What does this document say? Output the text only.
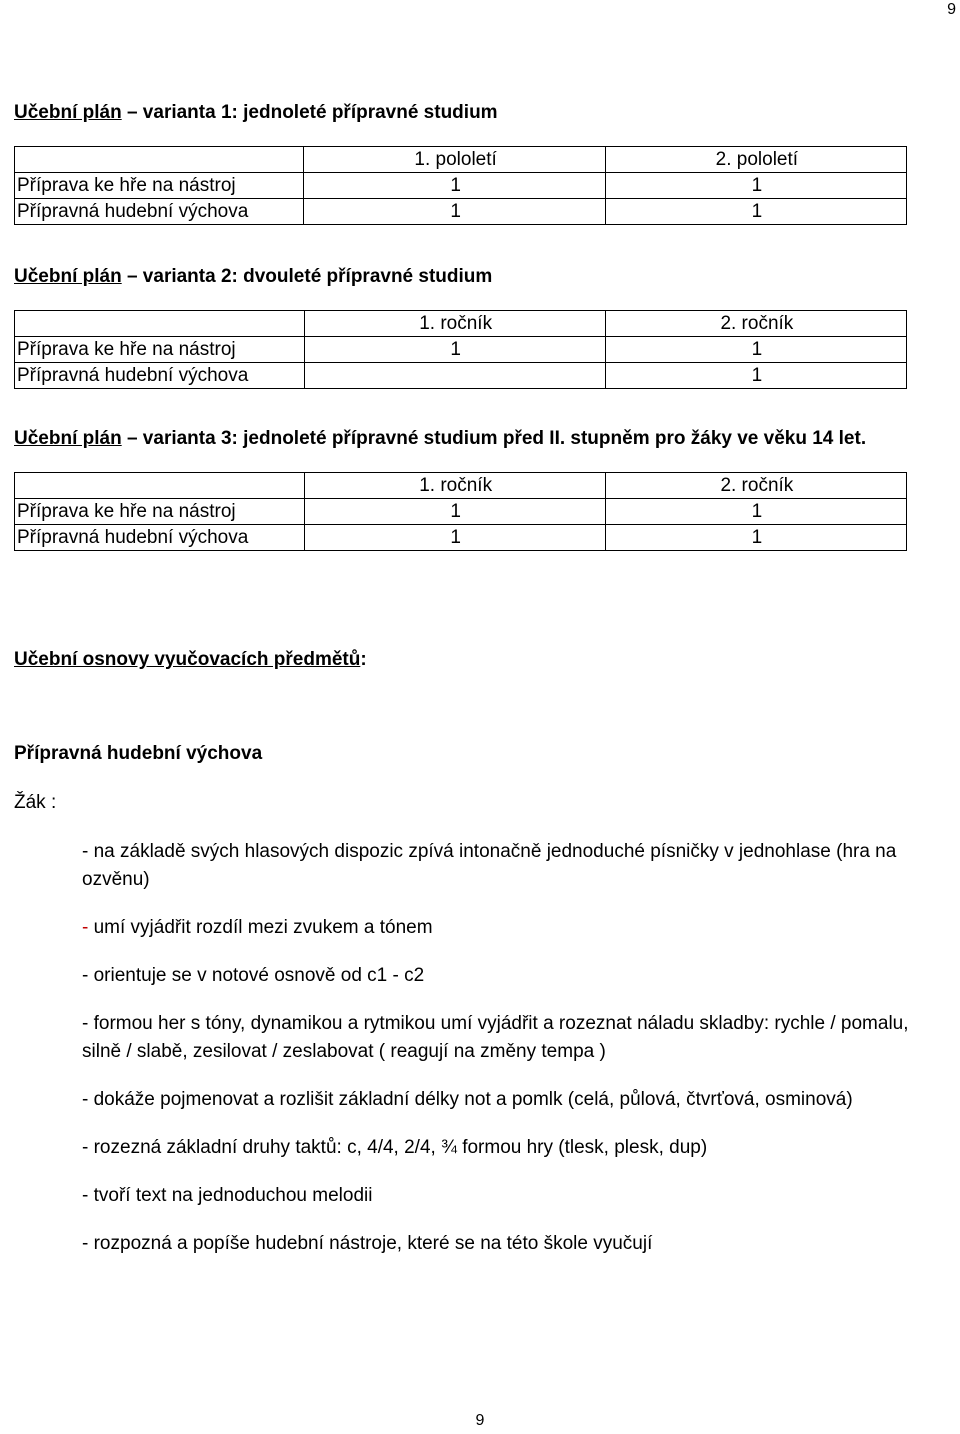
9

Učební plán – varianta 1: jednoleté přípravné studium

	1. pololetí	2. pololetí
Příprava ke hře na nástroj	1	1
Přípravná hudební výchova	1	1

Učební plán – varianta 2: dvouleté přípravné studium

	1. ročník	2. ročník
Příprava ke hře na nástroj	1	1
Přípravná hudební výchova		1

Učební plán – varianta 3: jednoleté přípravné studium před II. stupněm pro žáky ve věku 14 let.

	1. ročník	2. ročník
Příprava ke hře na nástroj	1	1
Přípravná hudební výchova	1	1

Učební osnovy vyučovacích předmětů:

Přípravná hudební výchova
Žák :
- na základě svých hlasových dispozic zpívá intonačně jednoduché písničky v jednohlase (hra na ozvěnu)
- umí vyjádřit rozdíl mezi zvukem a tónem
- orientuje se v notové osnově od c1 - c2
- formou her s tóny, dynamikou a rytmikou umí vyjádřit a rozeznat náladu skladby: rychle / pomalu, silně / slabě, zesilovat / zeslabovat ( reagují na změny tempa )
- dokáže pojmenovat a rozlišit základní délky not a pomlk (celá, půlová, čtvrťová, osminová)
- rozezná základní druhy taktů: c, 4/4, 2/4, ¾ formou hry (tlesk, plesk, dup)
- tvoří text na jednoduchou melodii
- rozpozná a popíše hudební nástroje, které se na této škole vyučují
9
